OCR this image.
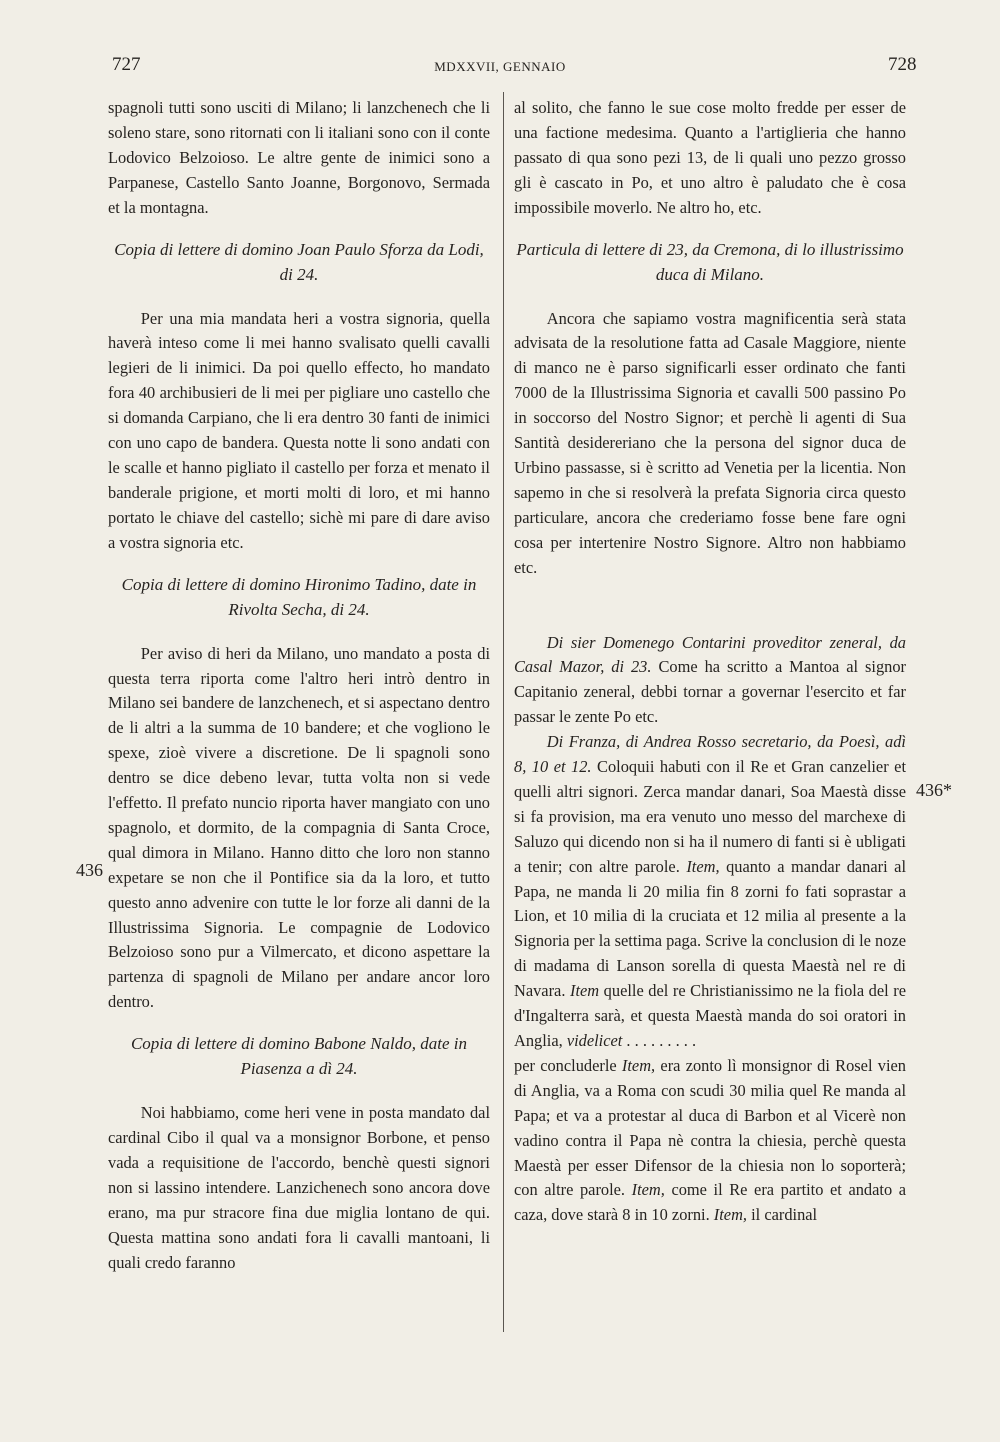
727	MDXXVII, GENNAIO	728
436
436*

spagnoli tutti sono usciti di Milano; li lanzchenech che li soleno stare, sono ritornati con li italiani sono con il conte Lodovico Belzoioso. Le altre gente de inimici sono a Parpanese, Castello Santo Joanne, Borgonovo, Sermada et la montagna.

Copia di lettere di domino Joan Paulo Sforza da Lodi, di 24.

Per una mia mandata heri a vostra signoria, quella haverà inteso come li mei hanno svalisato quelli cavalli legieri de li inimici. Da poi quello effecto, ho mandato fora 40 archibusieri de li mei per pigliare uno castello che si domanda Carpiano, che li era dentro 30 fanti de inimici con uno capo de bandera. Questa notte li sono andati con le scalle et hanno pigliato il castello per forza et menato il banderale prigione, et morti molti di loro, et mi hanno portato le chiave del castello; sichè mi pare di dare aviso a vostra signoria etc.

Copia di lettere di domino Hironimo Tadino, date in Rivolta Secha, di 24.

Per aviso di heri da Milano, uno mandato a posta di questa terra riporta come l'altro heri intrò dentro in Milano sei bandere de lanzchenech, et si aspectano dentro de li altri a la summa de 10 bandere; et che vogliono le spexe, zioè vivere a discretione. De li spagnoli sono dentro se dice debeno levar, tutta volta non si vede l'effetto. Il prefato nuncio riporta haver mangiato con uno spagnolo, et dormito, de la compagnia di Santa Croce, qual dimora in Milano. Hanno ditto che loro non stanno expetare se non che il Pontifice sia da la loro, et tutto questo anno advenire con tutte le lor forze ali danni de la Illustrissima Signoria. Le compagnie de Lodovico Belzoioso sono pur a Vilmercato, et dicono aspettare la partenza di spagnoli de Milano per andare ancor loro dentro.

Copia di lettere di domino Babone Naldo, date in Piasenza a dì 24.

Noi habbiamo, come heri vene in posta mandato dal cardinal Cibo il qual va a monsignor Borbone, et penso vada a requisitione de l'accordo, benchè questi signori non si lassino intendere. Lanzichenech sono ancora dove erano, ma pur stracore fina due miglia lontano de qui. Questa mattina sono andati fora li cavalli mantoani, li quali credo faranno

al solito, che fanno le sue cose molto fredde per esser de una factione medesima. Quanto a l'artiglieria che hanno passato di qua sono pezi 13, de li quali uno pezzo grosso gli è cascato in Po, et uno altro è paludato che è cosa impossibile moverlo. Ne altro ho, etc.

Particula di lettere di 23, da Cremona, di lo illustrissimo duca di Milano.

Ancora che sapiamo vostra magnificentia serà stata advisata de la resolutione fatta ad Casale Maggiore, niente di manco ne è parso significarli esser ordinato che fanti 7000 de la Illustrissima Signoria et cavalli 500 passino Po in soccorso del Nostro Signor; et perchè li agenti di Sua Santità desidereriano che la persona del signor duca de Urbino passasse, si è scritto ad Venetia per la licentia. Non sapemo in che si resolverà la prefata Signoria circa questo particulare, ancora che crederiamo fosse bene fare ogni cosa per intertenire Nostro Signore. Altro non habbiamo etc.

Di sier Domenego Contarini proveditor zeneral, da Casal Mazor, di 23. Come ha scritto a Mantoa al signor Capitanio zeneral, debbi tornar a governar l'esercito et far passar le zente Po etc.

Di Franza, di Andrea Rosso secretario, da Poesì, adì 8, 10 et 12. Coloquii habuti con il Re et Gran canzelier et quelli altri signori. Zerca mandar danari, Soa Maestà disse si fa provision, ma era venuto uno messo del marchexe di Saluzo qui dicendo non si ha il numero di fanti si è ubligati a tenir; con altre parole. Item, quanto a mandar danari al Papa, ne manda li 20 milia fin 8 zorni fo fati soprastar a Lion, et 10 milia di la cruciata et 12 milia al presente a la Signoria per la settima paga. Scrive la conclusion di le noze di madama di Lanson sorella di questa Maestà nel re di Navara. Item quelle del re Christianissimo ne la fiola del re d'Ingalterra sarà, et questa Maestà manda do soi oratori in Anglia, videlicet . . . . . . . . .

per concluderle Item, era zonto lì monsignor di Rosel vien di Anglia, va a Roma con scudi 30 milia quel Re manda al Papa; et va a protestar al duca di Barbon et al Vicerè non vadino contra il Papa nè contra la chiesia, perchè questa Maestà per esser Difensor de la chiesia non lo soporterà; con altre parole. Item, come il Re era partito et andato a caza, dove starà 8 in 10 zorni. Item, il cardinal
